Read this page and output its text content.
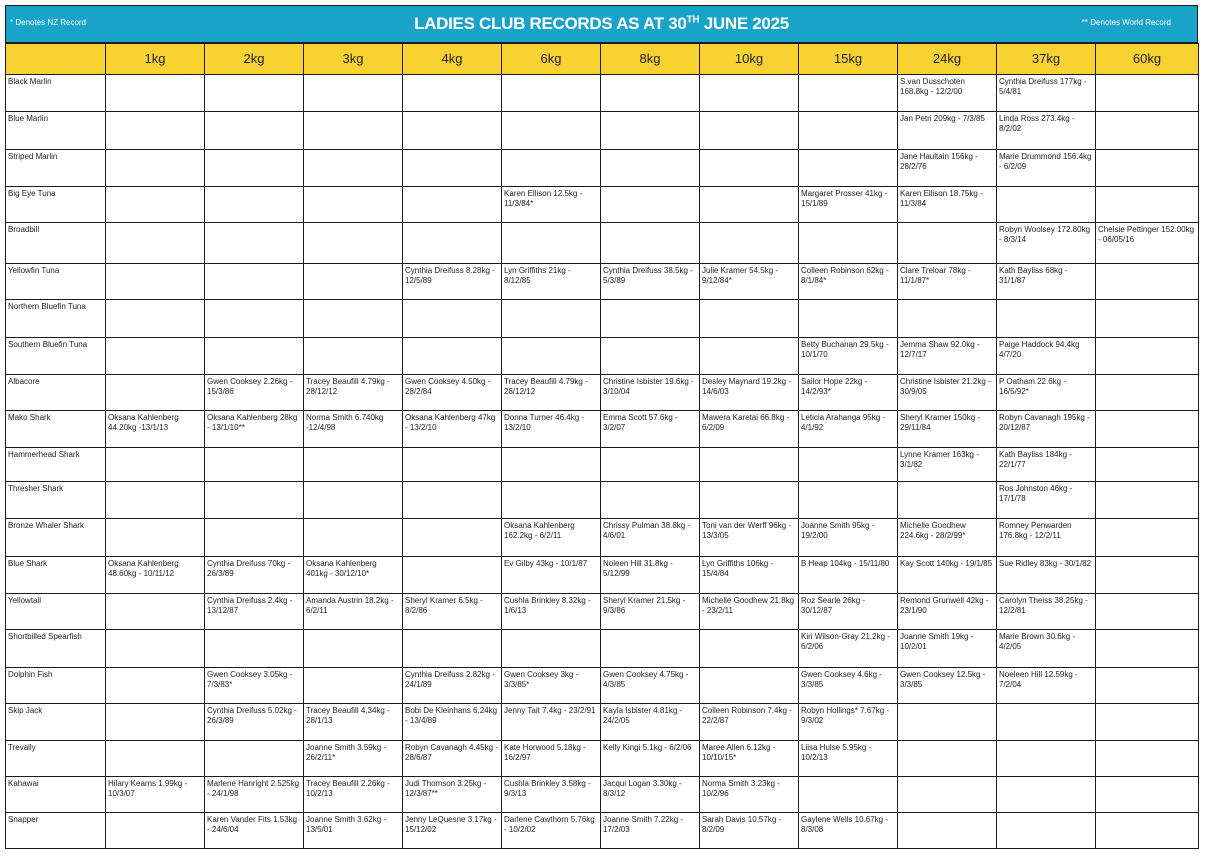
* Denotes NZ Record	LADIES CLUB RECORDS AS AT 30TH JUNE 2025	** Denotes World Record
	1kg	2kg	3kg	4kg	6kg	8kg	10kg	15kg	24kg	37kg	60kg
Black Marlin									S.van Dusschoten 168.8kg - 12/2/00	Cynthia Dreifuss 177kg - 5/4/81	
Blue Marlin									Jan Petri 209kg - 7/3/85	Linda Ross 273.4kg - 8/2/02	
Striped Marlin									Jane Haultain 156kg - 28/2/76	Marie Drummond 156.4kg - 6/2/09	
Big Eye Tuna					Karen Ellison 12.5kg - 11/3/84*			Margaret Prosser 41kg - 15/1/89	Karen Ellison 18.75kg - 11/3/84		
Broadbill										Robyn Woolsey 172.80kg - 8/3/14	Chelsie Pettinger 152.00kg - 06/05/16
Yellowfin Tuna				Cynthia Dreifuss 8.28kg - 12/5/89	Lyn Griffiths 21kg - 8/12/85	Cynthia Dreifuss 38.5kg - 5/3/89	Julie Kramer 54.5kg - 9/12/84*	Colleen Robinson 62kg - 8/1/84*	Clare Treloar 78kg - 11/1/87*	Kath Bayliss 68kg - 31/1/87	
Northern Bluefin Tuna											
Southern Bluefin Tuna								Betty Buchanan 29.5kg - 10/1/70	Jemma Shaw 92.0kg - 12/7/17	Paige Haddock 94.4kg 4/7/20	
Albacore		Gwen Cooksey 2.26kg - 15/3/86	Tracey Beaufill 4.79kg - 28/12/12	Gwen Cooksey 4.50kg - 28/2/84	Tracey Beaufill 4.79kg - 28/12/12	Christine Isbister 19.6kg - 3/10/04	Desley Maynard 19.2kg - 14/6/03	Sailor Hope 22kg - 14/2/93*	Christine Isbister 21.2kg - 30/9/05	P Oatham 22.6kg - 16/5/92*	
Mako Shark	Oksana Kahlenberg 44.20kg -13/1/13	Oksana Kahlenberg 28kg - 13/1/10**	Norma Smith 6.740kg -12/4/98	Oksana Kahlenberg 47kg - 13/2/10	Donna Turner 46.4kg - 13/2/10	Emma Scott 57.6kg - 3/2/07	Mawera Karetai 66.8kg - 6/2/09	Leticia Arahanga 95kg - 4/1/92	Sheryl Kramer 150kg - 29/11/84	Robyn Cavanagh 195kg - 20/12/87	
Hammerhead Shark									Lynne Kramer 163kg - 3/1/82	Kath Bayliss 184kg - 22/1/77	
Thresher Shark										Ros Johnston 46kg - 17/1/78	
Bronze Whaler Shark					Oksana Kahlenberg 162.2kg - 6/2/11	Chrissy Pulman 38.8kg - 4/6/01	Toni van der Werff 96kg - 13/3/05	Joanne Smith 95kg - 19/2/00	Michelle Goodhew 224.6kg - 28/2/99*	Romney Penwarden 176.8kg - 12/2/11	
Blue Shark	Oksana Kahlenberg 48.60kg - 10/11/12	Cynthia Dreifuss 70kg - 26/3/89	Oksana Kahlenberg 401kg - 30/12/10*		Ev Gilby 43kg - 10/1/87	Noleen Hill 31.8kg - 5/12/99	Lyn Griffiths 106kg - 15/4/84	B Heap 104kg - 15/11/80	Kay Scott 140kg - 19/1/85	Sue Ridley 83kg - 30/1/82	
Yellowtail		Cynthia Dreifuss 2.4kg - 13/12/87	Amanda Austrin 18.2kg - 6/2/11	Sheryl Kramer 6.5kg - 8/2/86	Cushla Brinkley 8.32kg - 1/6/13	Sheryl Kramer 21.5kg - 9/3/86	Michelle Goodhew 21.8kg - 23/2/11	Roz Searle 26kg - 30/12/87	Remond Grunwell 42kg - 23/1/90	Carolyn Theiss 38.25kg - 12/2/81	
Shortbilled Spearfish								Kiri Wilson-Gray 21.2kg - 6/2/06	Joanne Smith 19kg - 10/2/01	Marie Brown 30.6kg - 4/2/05	
Dolphin Fish		Gwen Cooksey 3.05kg - 7/3/83*		Cynthia Dreifuss 2.82kg - 24/1/89	Gwen Cooksey 3kg - 3/3/85*	Gwen Cooksey 4.75kg - 4/3/85		Gwen Cooksey 4.6kg - 3/3/85	Gwen Cooksey 12.5kg - 3/3/85	Noeleen Hill 12.59kg - 7/2/04	
Skip Jack		Cynthia Dreifuss 5.02kg - 26/3/89	Tracey Beaufill 4.34kg - 28/1/13	Bobi De Kleinhans 6.24kg - 13/4/89	Jenny Tait 7.4kg - 23/2/91	Kayla Isbister 4.81kg - 24/2/05	Colleen Robinson 7.4kg - 22/2/87	Robyn Hollings* 7.67kg - 9/3/02			
Trevally			Joanne Smith 3.59kg - 26/2/11*	Robyn Cavanagh 4.45kg - 28/6/87	Kate Horwood 5.18kg - 16/2/97	Kelly Kingi 5.1kg - 6/2/06	Maree Allen 6.12kg - 10/10/15*	Liisa Hulse 5.95kg - 10/2/13			
Kahawai	Hilary Kearns 1.99kg - 10/3/07	Marlene Hanright 2.525kg - 24/1/98	Tracey Beaufill 2.26kg - 10/2/13	Judi Thomson 3.25kg - 12/3/87**	Cushla Brinkley 3.58kg - 9/3/13	Jacqui Logan 3.30kg - 8/3/12	Norma Smith 3.23kg - 10/2/96				
Snapper		Karen Vander Fits 1.53kg - 24/6/04	Joanne Smith 3.62kg - 13/5/01	Jenny LeQuesne 3.17kg - 15/12/02	Darlene Cawthorn 5.76kg - 10/2/02	Joanne Smith 7.22kg - 17/2/03	Sarah Davis 10.57kg - 8/2/09	Gaylene Wells 10.67kg - 8/3/08			
